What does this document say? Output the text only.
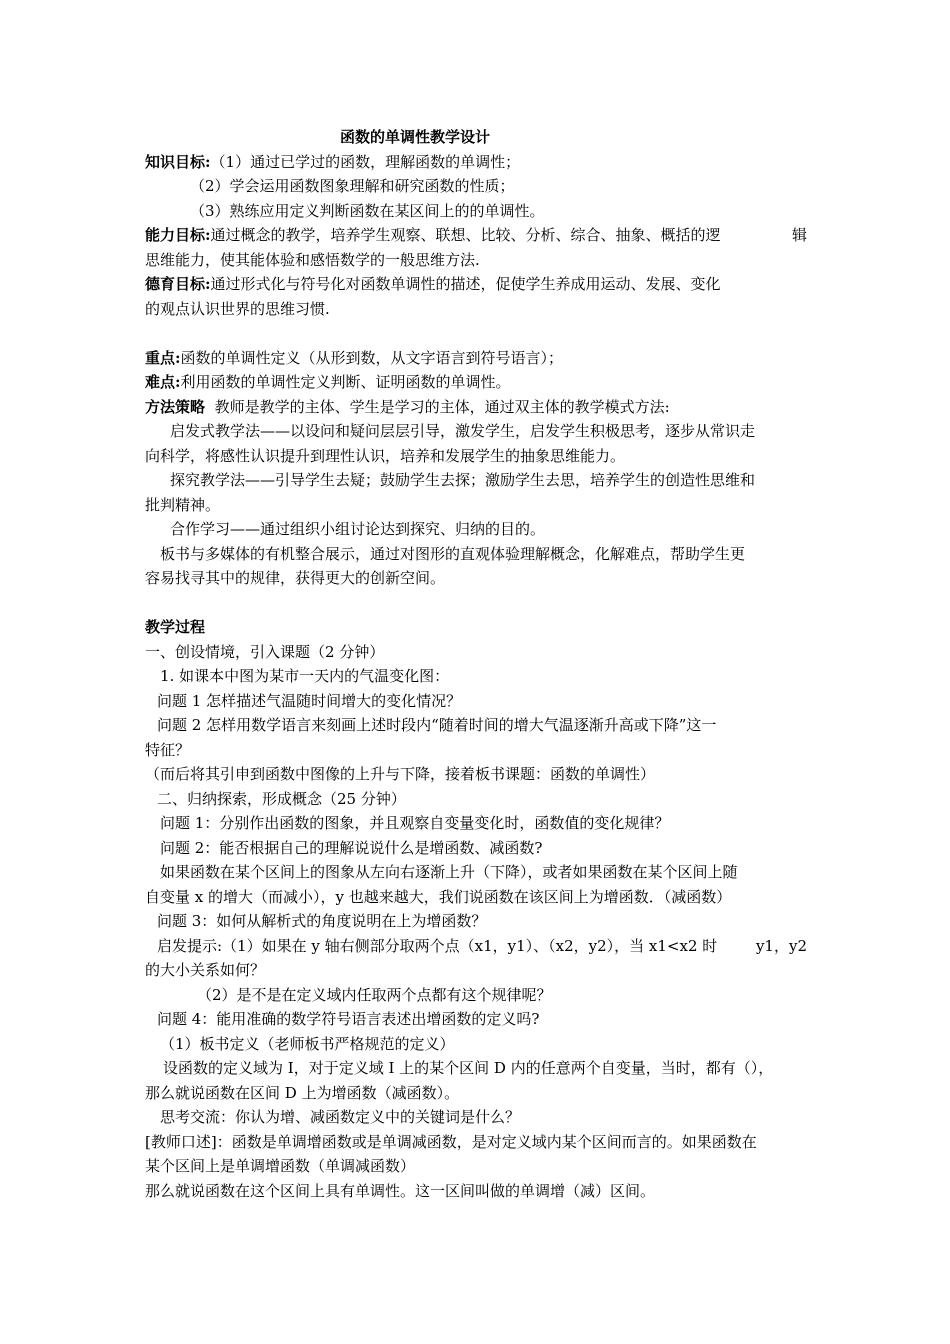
函数的单调性教学设计
知识目标:（1）通过已学过的函数，理解函数的单调性；
（2）学会运用函数图象理解和研究函数的性质；
（3）熟练应用定义判断函数在某区间上的的单调性。
能力目标:通过概念的教学，培养学生观察、联想、比较、分析、综合、抽象、概括的逻	辑
思维能力，使其能体验和感悟数学的一般思维方法.
德育目标:通过形式化与符号化对函数单调性的描述，促使学生养成用运动、发展、变化
的观点认识世界的思维习惯.
重点:函数的单调性定义（从形到数，从文字语言到符号语言）；
难点:利用函数的单调性定义判断、证明函数的单调性。
方法策略 教师是教学的主体、学生是学习的主体，通过双主体的教学模式方法:
启发式教学法——以设问和疑问层层引导，激发学生，启发学生积极思考，逐步从常识走
向科学，将感性认识提升到理性认识，培养和发展学生的抽象思维能力。
探究教学法——引导学生去疑；鼓励学生去探；激励学生去思，培养学生的创造性思维和
批判精神。
合作学习——通过组织小组讨论达到探究、归纳的目的。
板书与多媒体的有机整合展示，通过对图形的直观体验理解概念，化解难点，帮助学生更
容易找寻其中的规律，获得更大的创新空间。
教学过程
一、创设情境，引入课题（2 分钟）
1. 如课本中图为某市一天内的气温变化图：
问题 1 怎样描述气温随时间增大的变化情况？
问题 2 怎样用数学语言来刻画上述时段内“随着时间的增大气温逐渐升高或下降”这一
特征？
（而后将其引申到函数中图像的上升与下降，接着板书课题：函数的单调性）
二、归纳探索，形成概念（25 分钟）
问题 1：分别作出函数的图象，并且观察自变量变化时，函数值的变化规律？
问题 2：能否根据自己的理解说说什么是增函数、减函数?
如果函数在某个区间上的图象从左向右逐渐上升（下降），或者如果函数在某个区间上随
自变量 x 的增大（而减小），y 也越来越大，我们说函数在该区间上为增函数．（减函数）
问题 3：如何从解析式的角度说明在上为增函数？
启发提示:（1）如果在 y 轴右侧部分取两个点（x1，y1）、（x2，y2），当 x1<x2 时	y1，y2
的大小关系如何？
（2）是不是在定义域内任取两个点都有这个规律呢？
问题 4：能用准确的数学符号语言表述出增函数的定义吗?
（1）板书定义（老师板书严格规范的定义）
设函数的定义域为 I，对于定义域 I 上的某个区间 D 内的任意两个自变量，当时，都有（），
那么就说函数在区间 D 上为增函数（减函数）。
思考交流：你认为增、减函数定义中的关键词是什么？
[教师口述]：函数是单调增函数或是单调减函数，是对定义域内某个区间而言的。如果函数在
某个区间上是单调增函数（单调减函数）
那么就说函数在这个区间上具有单调性。这一区间叫做的单调增（减）区间。
